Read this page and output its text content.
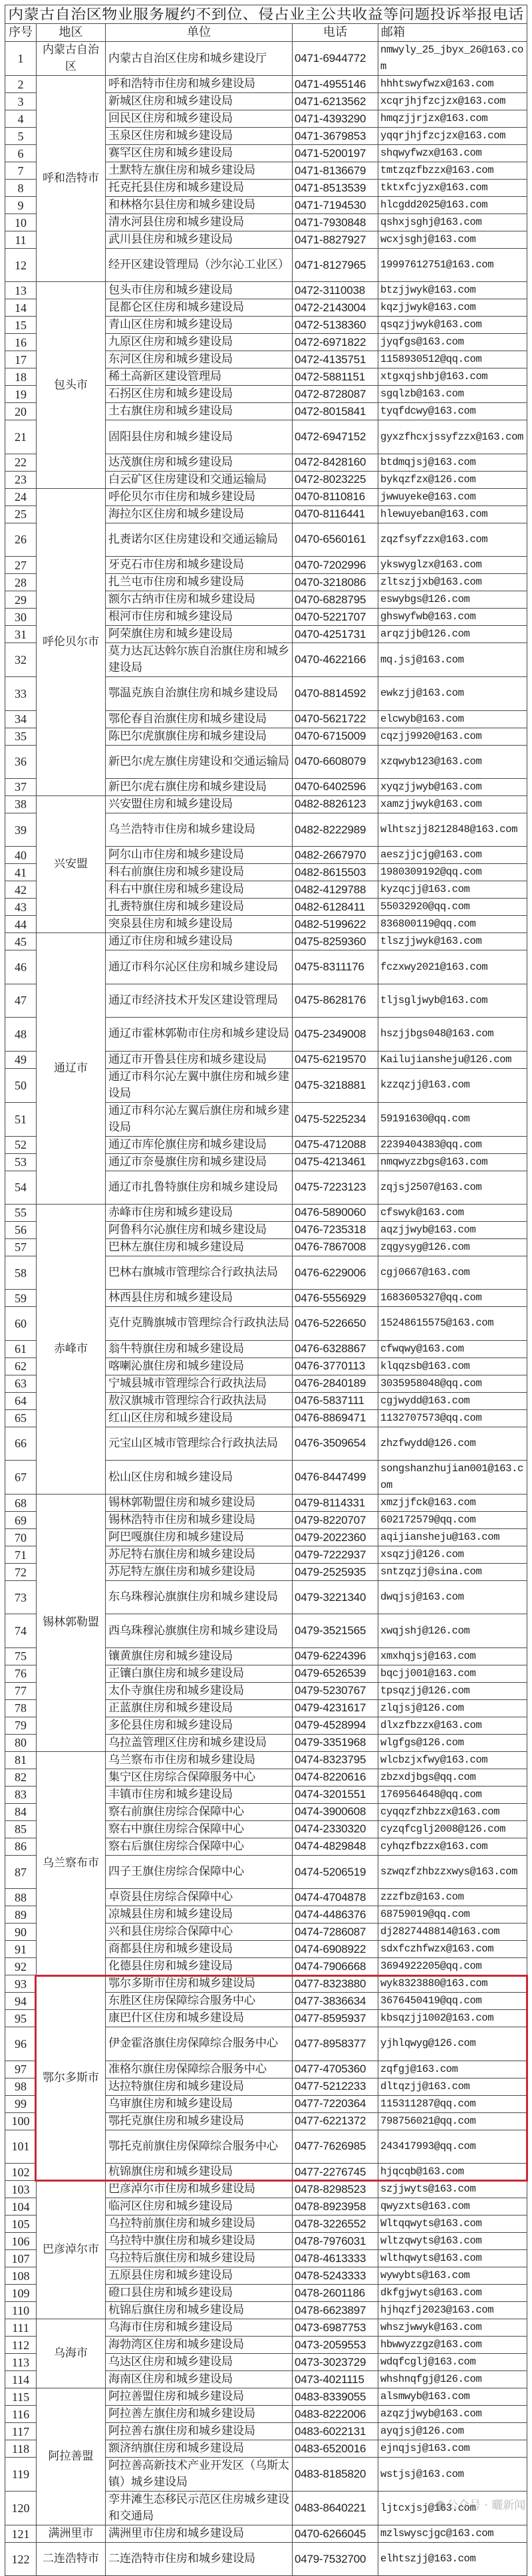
内蒙古自治区物业服务履约不到位、侵占业主公共收益等问题投诉举报电话				
序号	地区	单位	电话	邮箱
1	内蒙古自治区	内蒙古自治区住房和城乡建设厅	0471-6944772	nmwyly_25_jbyx_26@163.com
2	呼和浩特市	呼和浩特市住房和城乡建设局	0471-4955146	hhhtswyfwzx@163.com
3		新城区住房和城乡建设局	0471-6213562	xcqrjhjfzcjzx@163.com
4		回民区住房和城乡建设局	0471-4393290	hmqzjjrjzx@163.com
5		玉泉区住房和城乡建设局	0471-3679853	yqqrjhjfzcjzx@163.com
6		赛罕区住房和城乡建设局	0471-5200197	shqwyfwzx@163.com
7		土默特左旗住房和城乡建设局	0471-8136679	tmtzqzfbzzx@163.com
8		托克托县住房和城乡建设局	0471-8513539	tktxfcjyzx@163.com
9		和林格尔县住房和城乡建设局	0471-7194530	hlcgdd2025@163.com
10		清水河县住房和城乡建设局	0471-7930848	qshxjsghj@163.com
11		武川县住房和城乡建设局	0471-8827927	wcxjsghj@163.com
12		经开区建设管理局（沙尔沁工业区）	0471-8127965	19997612751@163.com
13	包头市	包头市住房和城乡建设局	0472-3110038	btzjjwyk@163.com
14		昆都仑区住房和城乡建设局	0472-2143004	kqzjjwyk@163.com
15		青山区住房和城乡建设局	0472-5138360	qsqzjjwyk@163.com
16		九原区住房和城乡建设局	0472-6971822	jyqfgs@163.com
17		东河区住房和城乡建设局	0472-4135751	1158930512@qq.com
18		稀土高新区建设管理局	0472-5881151	xtgxqjshbj@163.com
19		石拐区住房和城乡建设局	0472-8728087	sgqlzb@163.com
20		土右旗住房和城乡建设局	0472-8015841	tyqfdcwy@163.com
21		固阳县住房和城乡建设局	0472-6947152	gyxzfhcxjssyfzzx@163.com
22		达茂旗住房和城乡建设局	0472-8428160	btdmqjsj@163.com
23		白云矿区住房建设和交通运输局	0472-8023225	bykqzfzx@126.com
24	呼伦贝尔市	呼伦贝尔市住房和城乡建设局	0470-8110816	jwwuyeke@163.com
25		海拉尔区住房和城乡建设局	0470-8116441	hlewuyeban@163.com
26		扎赉诺尔区住房建设和交通运输局	0470-6560161	zqzfsyfzzx@163.com
27		牙克石市住房和城乡建设局	0470-7202996	ykswyglzx@163.com
28		扎兰屯市住房和城乡建设局	0470-3218086	zltszjjxb@163.com
29		额尔古纳市住房和城乡建设局	0470-6828795	eswybgs@126.com
30		根河市住房和城乡建设局	0470-5221707	ghswyfwb@163.com
31		阿荣旗住房和城乡建设局	0470-4251731	arqzjjb@126.com
32		莫力达瓦达斡尔族自治旗住房和城乡建设局	0470-4622166	mq.jsj@163.com
33		鄂温克族自治旗住房和城乡建设局	0470-8814592	ewkzjj@163.com
34		鄂伦春自治旗住房和城乡建设局	0470-5621722	elcwyb@163.com
35		陈巴尔虎旗旗住房和城乡建设局	0470-6715009	cqzjj9920@163.com
36		新巴尔虎左旗住房建设和交通运输局	0470-6608079	xzqwyb123@163.com
37		新巴尔虎右旗住房和城乡建设局	0470-6402596	xyqzjjwyb@163.com
38	兴安盟	兴安盟住房和城乡建设局	0482-8826123	xamzjjwyk@163.com
39		乌兰浩特市住房和城乡建设局	0482-8222989	wlhtszjj8212848@163.com
40		阿尔山市住房和城乡建设局	0482-2667970	aeszjjcjg@163.com
41		科右前旗住房和城乡建设局	0482-8615503	1980309192@qq.com
42		科右中旗住房和城乡建设局	0482-4129788	kyzqcjj@163.com
43		扎赉特旗住房和城乡建设局	0482-6128411	55032920@qq.com
44		突泉县住房和城乡建设局	0482-5199622	836800119@qq.com
45	通辽市	通辽市住房和城乡建设局	0475-8259360	tlszjjwyk@163.com
46		通辽市科尔沁区住房和城乡建设局	0475-8311176	fczxwy2021@163.com
47		通辽市经济技术开发区建设管理局	0475-8628176	tljsgljwyb@163.com
48		通辽市霍林郭勒市住房和城乡建设局	0475-2349008	hszjjbgs048@163.com
49		通辽市开鲁县住房和城乡建设局	0475-6219570	Kailujiansheju@126.com
50		通辽市科尔沁左翼中旗住房和城乡建设局	0475-3218881	kzzqzjj@163.com
51		通辽市科尔沁左翼后旗住房和城乡建设局	0475-5225234	59191630@qq.com
52		通辽市库伦旗住房和城乡建设局	0475-4712088	2239404383@qq.com
53		通辽市奈曼旗住房和城乡建设局	0475-4213461	nmqwyzzbgs@163.com
54		通辽市扎鲁特旗住房和城乡建设局	0475-7223123	zqjsj2507@163.com
55	赤峰市	赤峰市住房和城乡建设局	0476-5890060	cfswyk@163.com
56		阿鲁科尔沁旗住房和城乡建设局	0476-7235318	aqzjjwyb@163.com
57		巴林左旗住房和城乡建设局	0476-7867008	zqgysyg@126.com
58		巴林右旗城市管理综合行政执法局	0476-6229006	cgj0667@163.com
59		林西县住房和城乡建设局	0476-5556929	1683605327@qq.com
60		克什克腾旗城市管理综合行政执法局	0476-5226650	15248615575@163.com
61		翁牛特旗住房和城乡建设局	0476-6328867	cfwqwy@163.com
62		喀喇沁旗住房和城乡建设局	0476-3770113	klqqzsb@163.com
63		宁城县城市管理综合行政执法局	0476-2840189	3035958048@qq.com
64		敖汉旗城市管理综合行政执法局	0476-5837111	cgjwydd@163.com
65		红山区住房和城乡建设局	0476-8869471	1132707573@qq.com
66		元宝山区城市管理综合行政执法局	0476-3509654	zhzfwydd@126.com
67		松山区住房和城乡建设局	0476-8447499	songshanzhujian001@163.com
68	锡林郭勒盟	锡林郭勒盟住房和城乡建设局	0479-8114331	xmzjjfck@163.com
69		锡林浩特市住房和城乡建设局	0479-8220707	602172579@qq.com
70		阿巴嘎旗住房和城乡建设局	0479-2022360	aqijiansheju@163.com
71		苏尼特右旗住房和城乡建设局	0479-7222937	xsqzjj@126.com
72		苏尼特左旗住房和城乡建设局	0479-2525935	sntzqzjj@sina.com
73		东乌珠穆沁旗旗住房和城乡建设局	0479-3221340	dwqjsj@163.com
74		西乌珠穆沁旗旗住房和城乡建设局	0479-3521565	xwqjshj@126.com
75		镶黄旗住房和城乡建设局	0479-6224396	xmxhqjsj@163.com
76		正镶白旗住房和城乡建设局	0479-6526539	bqcjj001@163.com
77		太仆寺旗住房和城乡建设局	0479-5230767	tpsqzjj@126.com
78		正蓝旗住房和城乡建设局	0479-4231617	zlqjsj@126.com
79		多伦县住房和城乡建设局	0479-4528994	dlxzfbzzx@163.com
80		乌拉盖管理区住房和城乡建设局	0479-3351968	wlgfgs@126.com
81	乌兰察布市	乌兰察布市住房和城乡建设局	0474-8323795	wlcbzjxfwy@163.com
82		集宁区住房综合保障服务中心	0474-8220616	zbzxdjbgs@qq.com
83		丰镇市住房和城乡建设局	0474-3201551	1769564648@qq.com
84		察右前旗住房综合保障中心	0474-3900608	cyqqzfzhbzzx@163.com
85		察右中旗住房综合保障中心	0474-2330320	cyzqfcglj2008@126.com
86		察右后旗住房综合保障中心	0474-4829848	cyhqzfbzzx@163.com
87		四子王旗住房综合保障中心	0474-5206519	szwqzfzhbzzxwys@163.com
88		卓资县住房综合保障中心	0474-4704878	zzzfbz@163.com
89		凉城县住房和城乡建设局	0474-4486376	68759019@qq.com
90		兴和县住房综合保障中心	0474-7286087	dj2827448814@163.com
91		商都县住房和城乡建设局	0474-6908922	sdxfczhfwzx@163.com
92		化德县住房和城乡建设局	0474-7906668	3694922205@qq.com
93	鄂尔多斯市	鄂尔多斯市住房和城乡建设局	0477-8323880	wyk8323880@163.com
94		东胜区住房保障综合服务中心	0477-3836634	3676450419@qq.com
95		康巴什区住房和城乡建设局	0477-8595937	kbsqzjj1002@163.com
96		伊金霍洛旗住房保障综合服务中心	0477-8958377	yjhlqwyg@126.com
97		准格尔旗住房保障综合服务中心	0477-4705360	zqfgj@163.com
98		达拉特旗住房和城乡建设局	0477-5212233	dltqzjj@163.com
99		乌审旗住房和城乡建设局	0477-7220364	115311287@qq.com
100		鄂托克旗住房和城乡建设局	0477-6221372	798756021@qq.com
101		鄂托克前旗住房保障综合服务中心	0477-7626985	243417993@qq.com
102		杭锦旗住房和城乡建设局	0477-2276745	hjqcqb@163.com
103	巴彦淖尔市	巴彦淖尔市住房和城乡建设局	0478-8298523	szjjwyts@163.com
104		临河区住房和城乡建设局	0478-8923958	qwyzxts@163.com
105		乌拉特前旗住房和城乡建设局	0478-3226552	Wltqqwyts@163.com
106		乌拉特中旗住房和城乡建设局	0478-7976031	wltzqwyts@163.com
107		乌拉特后旗住房和城乡建设局	0478-4613333	wlthqwyts@163.com
108		五原县住房和城乡建设局	0478-5243333	wywybts@163.com
109		磴口县住房和城乡建设局	0478-2601186	dkfgjwyts@163.com
110		杭锦后旗住房和城乡建设局	0478-6623897	hjhqzfj2023@163.com
111	乌海市	乌海市住房和城乡建设局	0473-6987753	whszjwwyk@163.com
112		海勃湾区住房和城乡建设局	0473-2059553	hbwwyzzgz@163.com
113		乌达区住房和城乡建设局	0473-3023729	wdqfcglj@163.com
114		海南区住房和城乡建设局	0473-4021115	whshnqfgj@126.com
115	阿拉善盟	阿拉善盟住房和城乡建设局	0483-8339055	alsmwyb@163.com
116		阿拉善左旗住房和城乡建设局	0483-8222006	azqzjjwyb@163.com
117		阿拉善右旗住房和城乡建设局	0483-6022131	ayqjsj@126.com
118		额济纳旗住房和城乡建设局	0483-6520016	ejnqjsj@163.com
119		阿拉善高新技术产业开发区（乌斯太镇）城乡建设局	0483-8185820	wstjsj@163.com
120		孪井滩生态移民示范区住房城乡建设和交通局	0483-8640221	ljtcxjsj@163.com
121	满洲里市	满洲里市住房和城乡建设局	0470-6266045	mzlswyscjgc@163.com
122	二连浩特市	二连浩特市住房和城乡建设局	0479-7532700	elhtszjj@163.com
公众号 · 曬新闻
